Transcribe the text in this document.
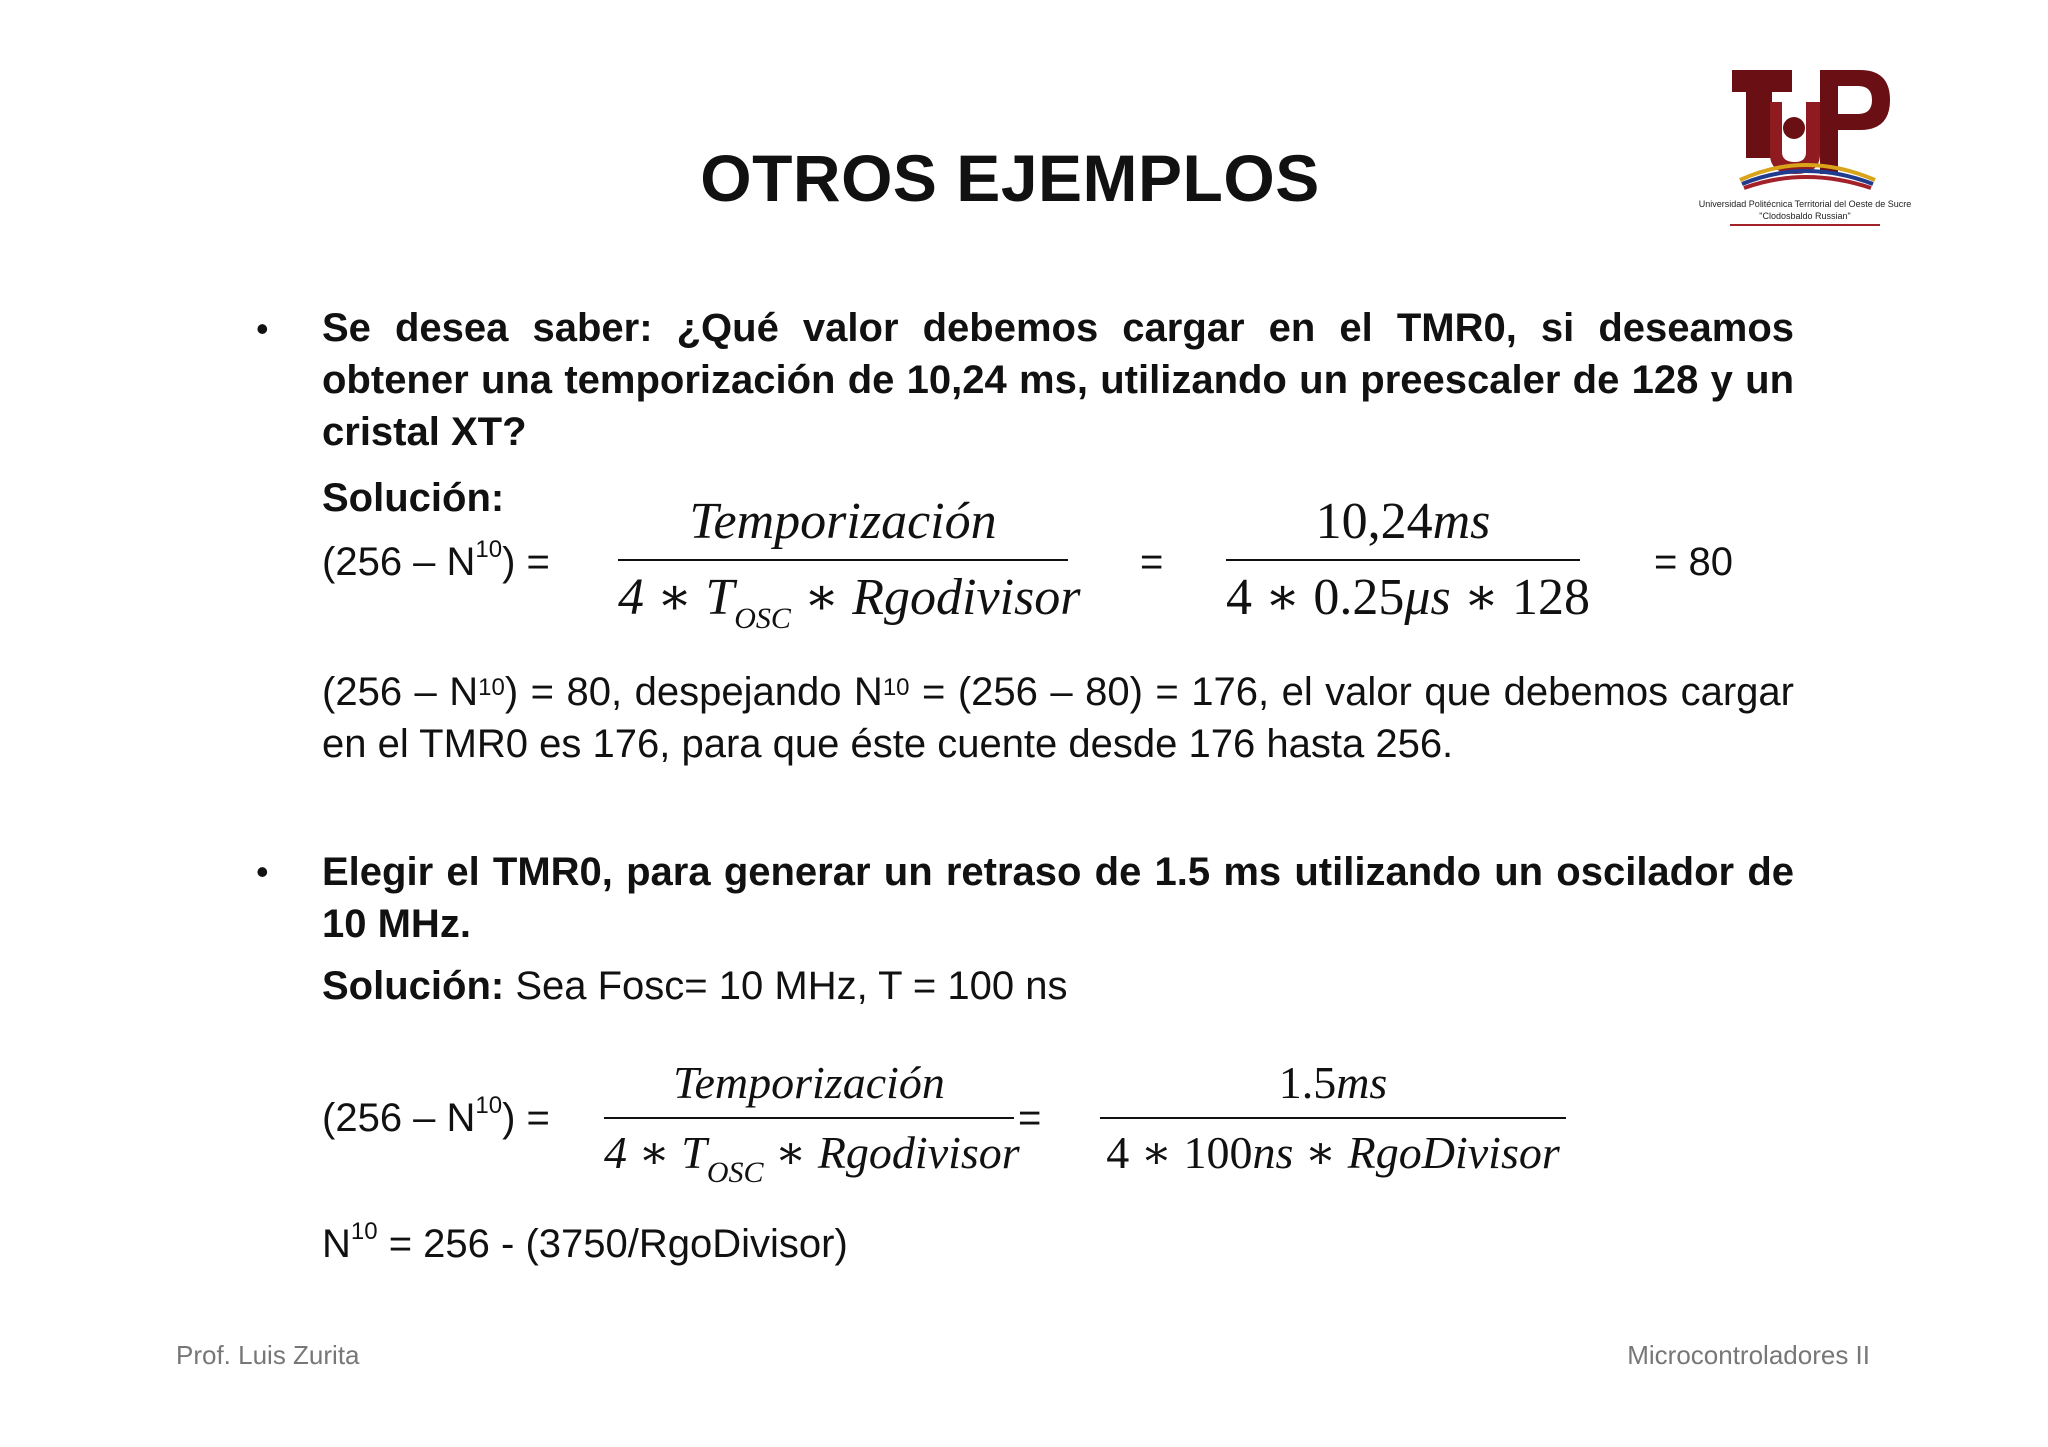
OTROS EJEMPLOS	Universidad Politécnica Territorial del Oeste de Sucre
"Clodosbaldo Russian"
• Se desea saber: ¿Qué valor debemos cargar en el TMR0, si deseamos obtener una temporización de 10,24 ms, utilizando un preescaler de 128 y un cristal XT?
Solución:
$(256 - N^{10})$ =
Temporización
4 ∗ $T_{OSC}$ ∗ Rgodivisor
=
10,24ms
4 ∗ 0.25μs ∗ 128
= 80
$(256 - N^{10}) = 80$, despejando $N^{10} = (256 - 80) = 176$, el valor que debemos cargar en el TMR0 es 176, para que éste cuente desde 176 hasta 256.
• Elegir el TMR0, para generar un retraso de 1.5 ms utilizando un oscilador de 10 MHz.
Solución: Sea Fosc= 10 MHz, T = 100 ns
$(256 - N^{10})$ =
Temporización
4 ∗ $T_{OSC}$ ∗ Rgodivisor
=
1.5ms
4 ∗ 100ns ∗ RgoDivisor
$N^{10} = 256$ - (3750/RgoDivisor)
Prof. Luis Zurita	Microcontroladores II
